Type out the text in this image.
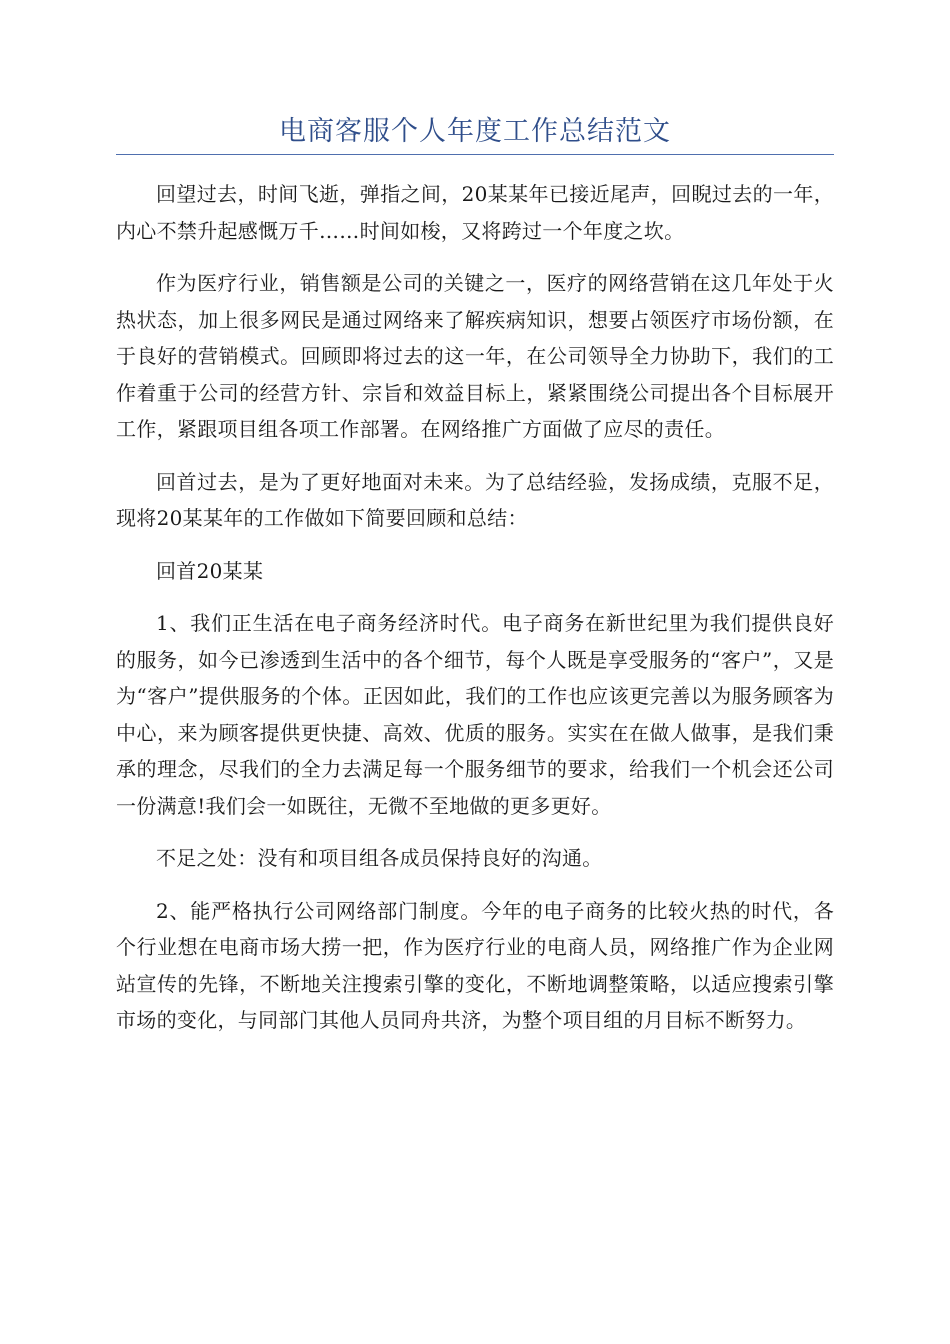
电商客服个人年度工作总结范文

回望过去，时间飞逝，弹指之间，20某某年已接近尾声，回睨过去的一年，内心不禁升起感慨万千……时间如梭，又将跨过一个年度之坎。

作为医疗行业，销售额是公司的关键之一，医疗的网络营销在这几年处于火热状态，加上很多网民是通过网络来了解疾病知识，想要占领医疗市场份额，在于良好的营销模式。回顾即将过去的这一年，在公司领导全力协助下，我们的工作着重于公司的经营方针、宗旨和效益目标上，紧紧围绕公司提出各个目标展开工作，紧跟项目组各项工作部署。在网络推广方面做了应尽的责任。

回首过去，是为了更好地面对未来。为了总结经验，发扬成绩，克服不足，现将20某某年的工作做如下简要回顾和总结：

回首20某某

1、我们正生活在电子商务经济时代。电子商务在新世纪里为我们提供良好的服务，如今已渗透到生活中的各个细节，每个人既是享受服务的“客户”，又是为“客户”提供服务的个体。正因如此，我们的工作也应该更完善以为服务顾客为中心，来为顾客提供更快捷、高效、优质的服务。实实在在做人做事，是我们秉承的理念，尽我们的全力去满足每一个服务细节的要求，给我们一个机会还公司一份满意!我们会一如既往，无微不至地做的更多更好。

不足之处：没有和项目组各成员保持良好的沟通。

2、能严格执行公司网络部门制度。今年的电子商务的比较火热的时代，各个行业想在电商市场大捞一把，作为医疗行业的电商人员，网络推广作为企业网站宣传的先锋，不断地关注搜索引擎的变化，不断地调整策略，以适应搜索引擎市场的变化，与同部门其他人员同舟共济，为整个项目组的月目标不断努力。
